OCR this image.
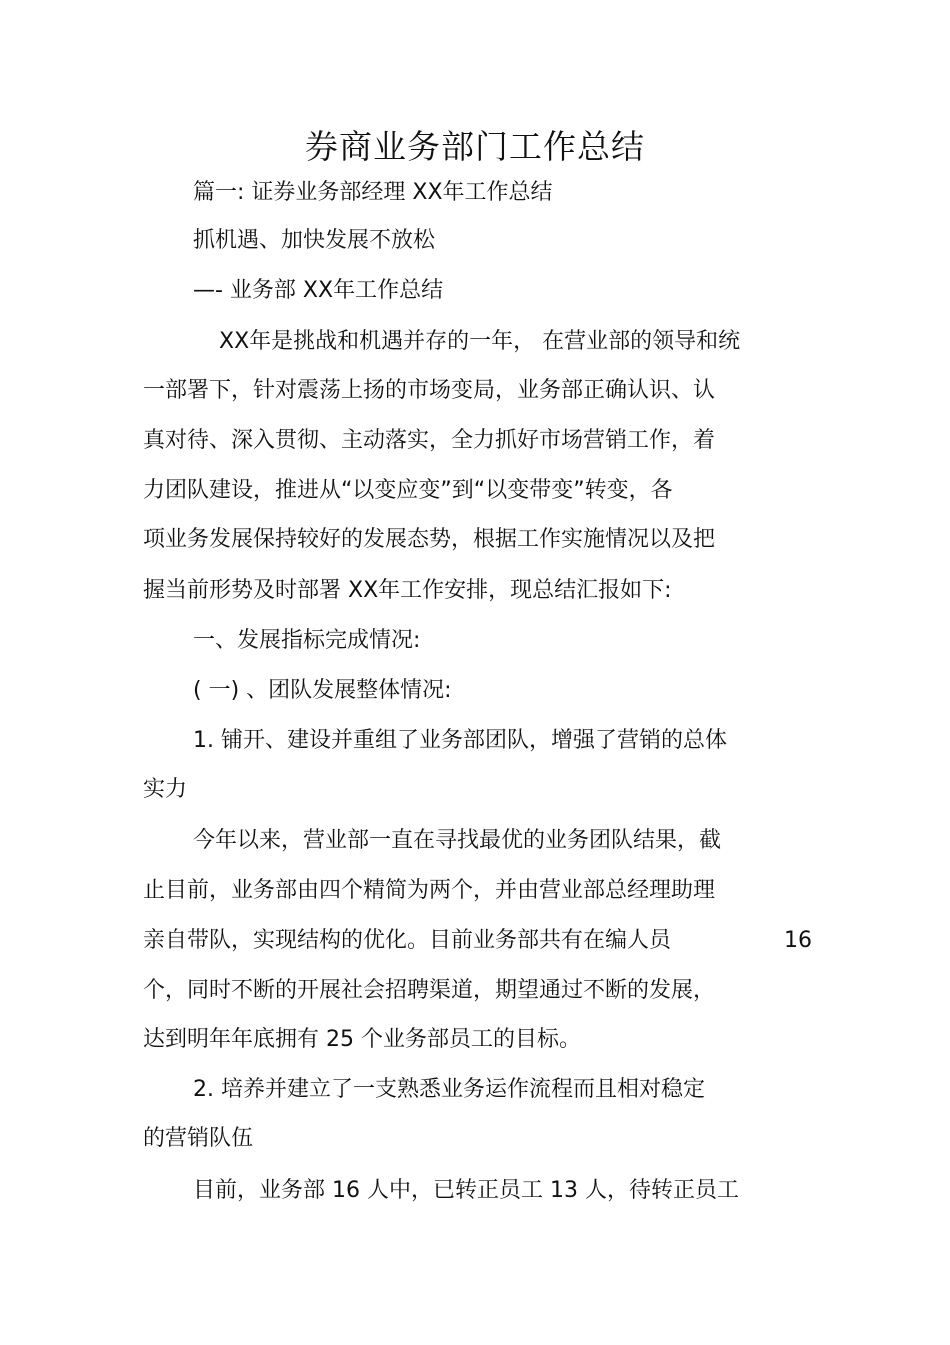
券商业务部门工作总结
篇一: 证券业务部经理 XX年工作总结
抓机遇、加快发展不放松
—- 业务部 XX年工作总结
XX年是挑战和机遇并存的一年， 在营业部的领导和统
一部署下，针对震荡上扬的市场变局，业务部正确认识、认
真对待、深入贯彻、主动落实，全力抓好市场营销工作，着
力团队建设，推进从“以变应变”到“以变带变”转变，各
项业务发展保持较好的发展态势，根据工作实施情况以及把
握当前形势及时部署 XX年工作安排，现总结汇报如下:
一、发展指标完成情况:
( 一) 、团队发展整体情况:
1. 铺开、建设并重组了业务部团队，增强了营销的总体
实力
今年以来，营业部一直在寻找最优的业务团队结果，截
止目前，业务部由四个精简为两个，并由营业部总经理助理
亲自带队，实现结构的优化。目前业务部共有在编人员	16
个，同时不断的开展社会招聘渠道，期望通过不断的发展，
达到明年年底拥有 25 个业务部员工的目标。
2. 培养并建立了一支熟悉业务运作流程而且相对稳定
的营销队伍
目前，业务部 16 人中，已转正员工 13 人，待转正员工
